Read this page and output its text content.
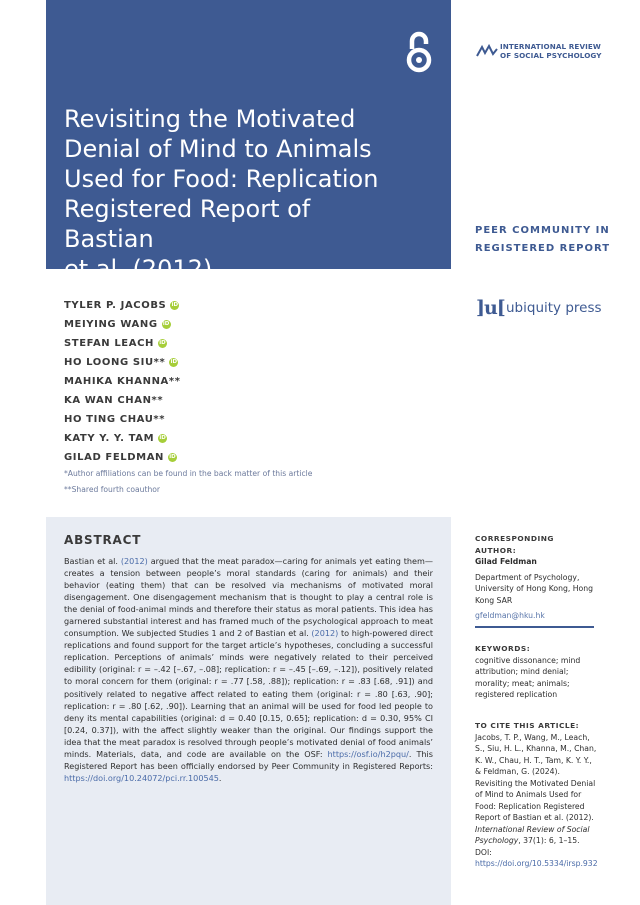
Revisiting the Motivated
Denial of Mind to Animals
Used for Food: Replication
Registered Report of Bastian
et al. (2012)
INTERNATIONAL REVIEW
OF SOCIAL PSYCHOLOGY
PEER COMMUNITY IN
REGISTERED REPORT
]u[ ubiquity press
TYLER P. JACOBS iD
MEIYING WANG iD
STEFAN LEACH iD
HO LOONG SIU** iD
MAHIKA KHANNA**
KA WAN CHAN**
HO TING CHAU**
KATY Y. Y. TAM iD
GILAD FELDMAN iD
*Author affiliations can be found in the back matter of this article
**Shared fourth coauthor
ABSTRACT

Bastian et al. (2012) argued that the meat paradox—caring for animals yet eating them—creates a tension between people’s moral standards (caring for animals) and their behavior (eating them) that can be resolved via mechanisms of motivated moral disengagement. One disengagement mechanism that is thought to play a central role is the denial of food-animal minds and therefore their status as moral patients. This idea has garnered substantial interest and has framed much of the psychological approach to meat consumption. We subjected Studies 1 and 2 of Bastian et al. (2012) to high-powered direct replications and found support for the target article’s hypotheses, concluding a successful replication. Perceptions of animals’ minds were negatively related to their perceived edibility (original: r = –.42 [–.67, –.08]; replication: r = –.45 [–.69, –.12]), positively related to moral concern for them (original: r = .77 [.58, .88]); replication: r = .83 [.68, .91]) and positively related to negative affect related to eating them (original: r = .80 [.63, .90]; replication: r = .80 [.62, .90]). Learning that an animal will be used for food led people to deny its mental capabilities (original: d = 0.40 [0.15, 0.65]; replication: d = 0.30, 95% CI [0.24, 0.37]), with the affect slightly weaker than the original. Our findings support the idea that the meat paradox is resolved through people’s motivated denial of food animals’ minds. Materials, data, and code are available on the OSF: https://osf.io/h2pqu/. This Registered Report has been officially endorsed by Peer Community in Registered Reports: https://doi.org/10.24072/pci.rr.100545.

CORRESPONDING AUTHOR:
Gilad Feldman
Department of Psychology, University of Hong Kong, Hong Kong SAR
gfeldman@hku.hk
KEYWORDS:
cognitive dissonance; mind attribution; mind denial; morality; meat; animals; registered replication
TO CITE THIS ARTICLE:
Jacobs, T. P., Wang, M., Leach, S., Siu, H. L., Khanna, M., Chan, K. W., Chau, H. T., Tam, K. Y. Y., & Feldman, G. (2024). Revisiting the Motivated Denial of Mind to Animals Used for Food: Replication Registered Report of Bastian et al. (2012). International Review of Social Psychology, 37(1): 6, 1–15. DOI: https://doi.org/10.5334/irsp.932
